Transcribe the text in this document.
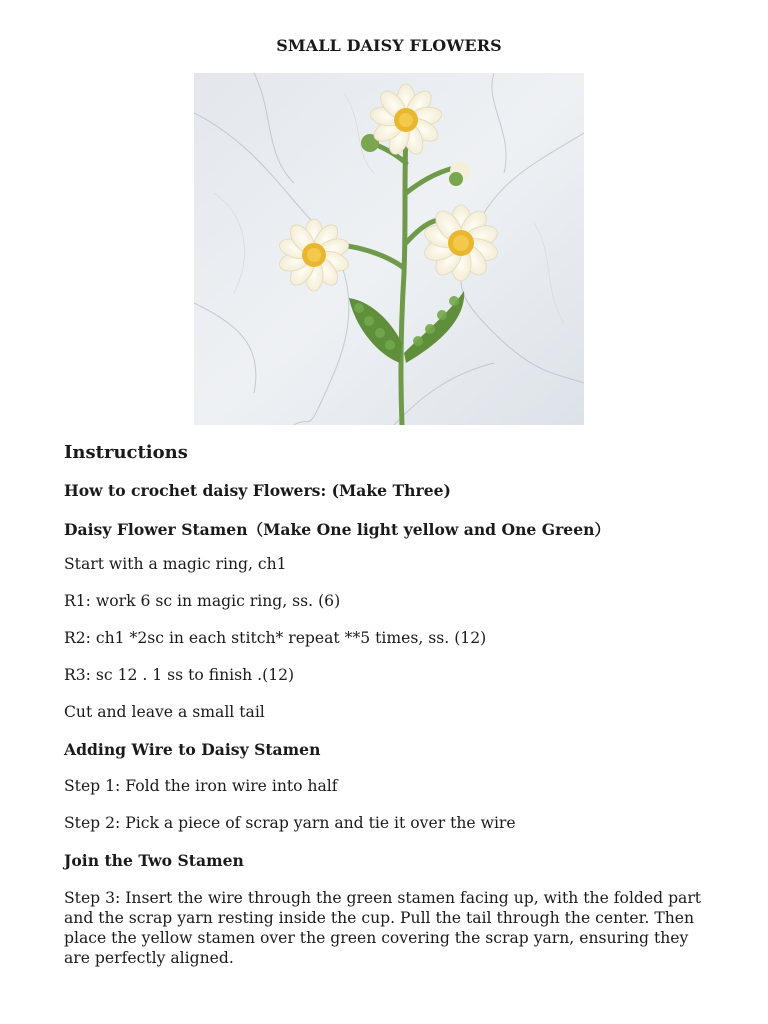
SMALL DAISY FLOWERS
Instructions
How to crochet daisy Flowers: (Make Three)
Daisy Flower Stamen（Make One light yellow and One Green）
Start with a magic ring, ch1
R1: work 6 sc in magic ring, ss. (6)
R2: ch1 *2sc in each stitch* repeat **5 times, ss. (12)
R3: sc 12 . 1 ss to finish .(12)
Cut and leave a small tail
Adding Wire to Daisy Stamen
Step 1: Fold the iron wire into half
Step 2: Pick a piece of scrap yarn and tie it over the wire
Join the Two Stamen
Step 3: Insert the wire through the green stamen facing up, with the folded part and the scrap yarn resting inside the cup. Pull the tail through the center. Then place the yellow stamen over the green covering the scrap yarn, ensuring they are perfectly aligned.
